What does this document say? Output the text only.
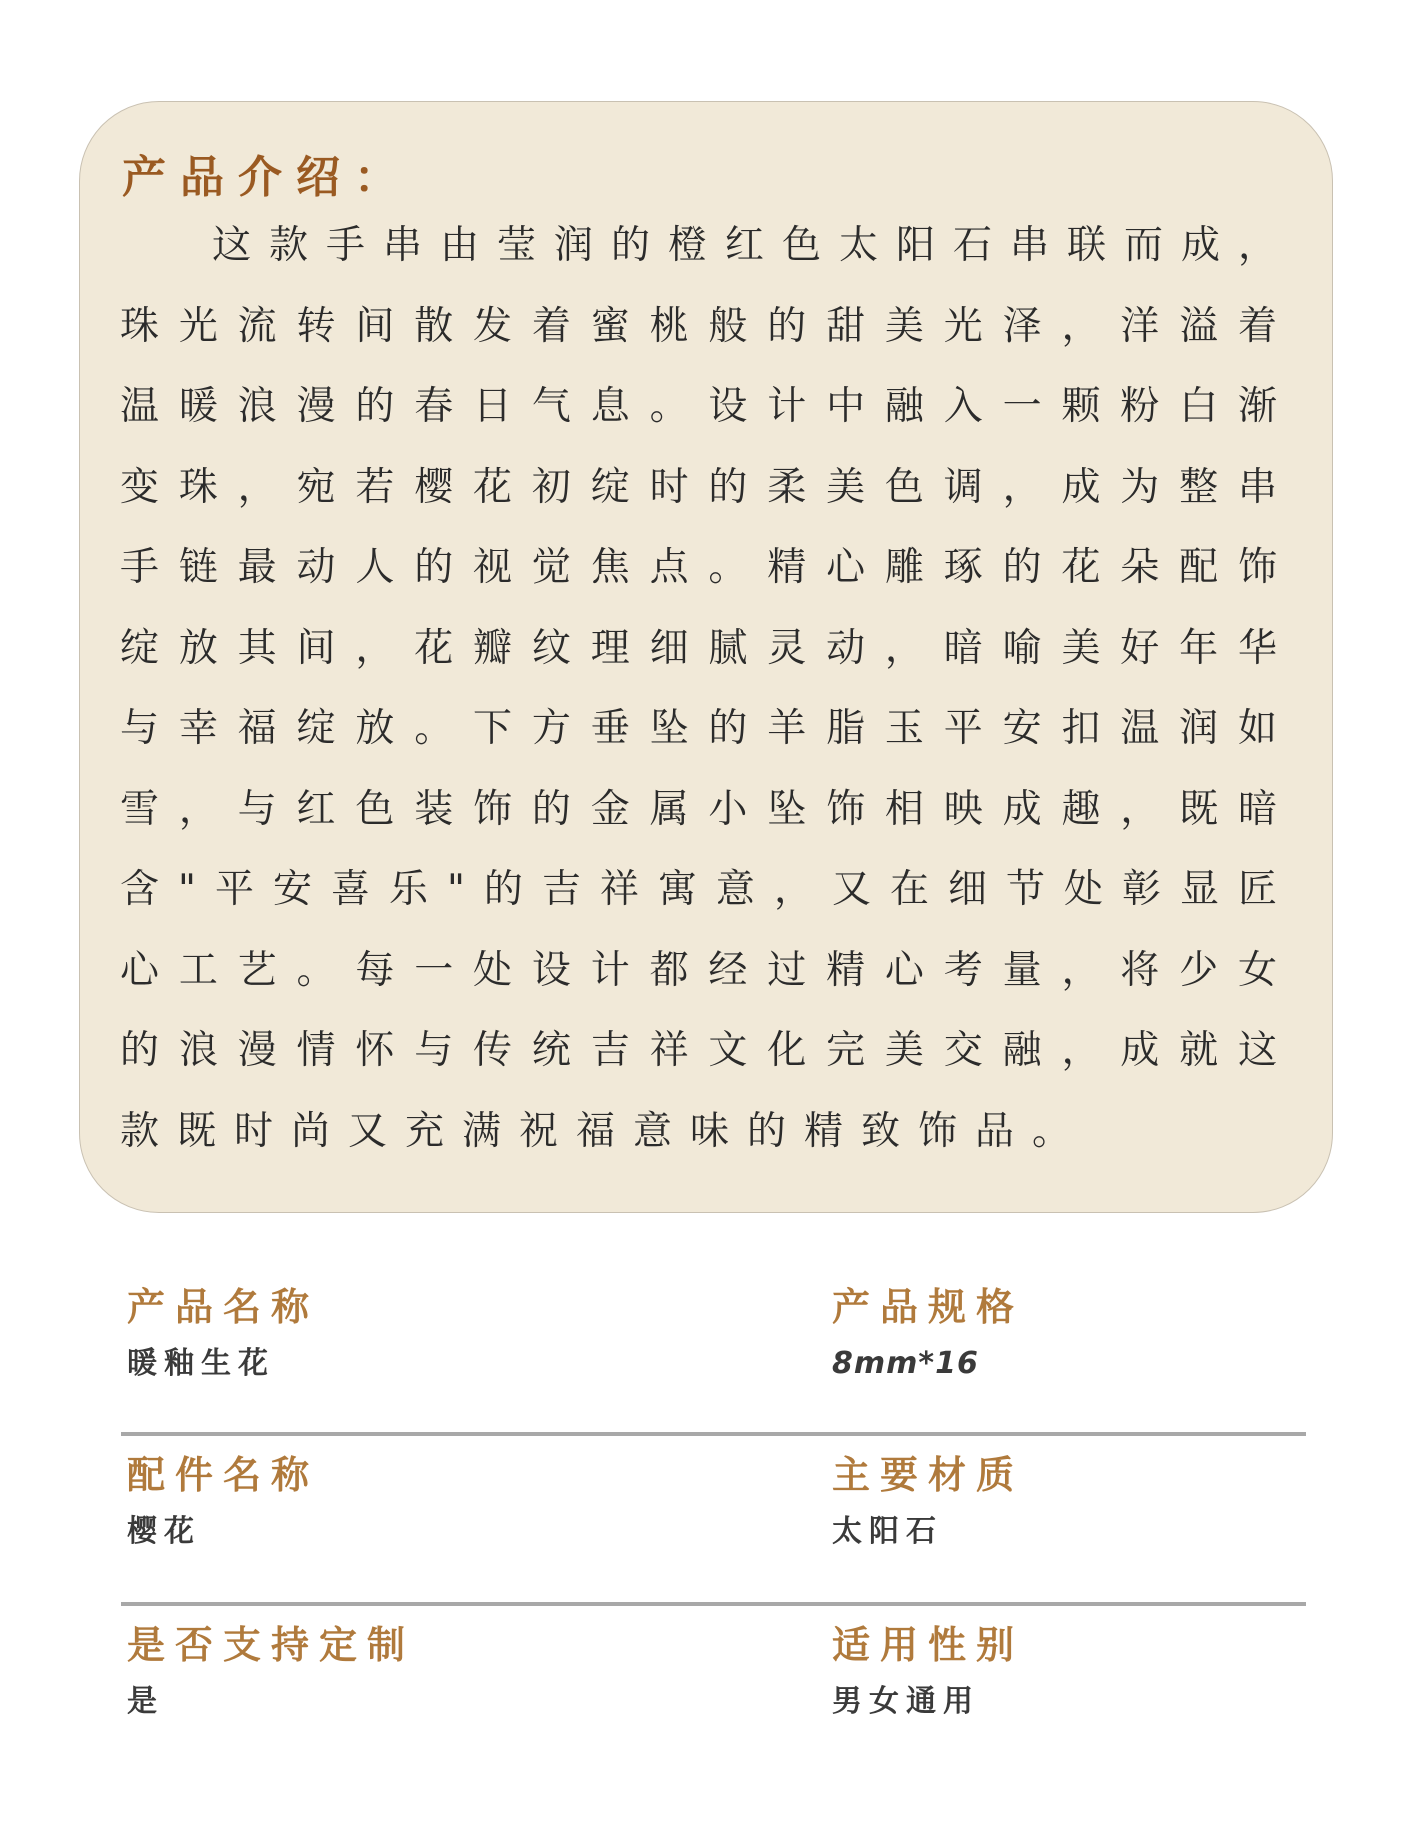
产品介绍：

这款手串由莹润的橙红色太阳石串联而成，珠光流转间散发着蜜桃般的甜美光泽，洋溢着温暖浪漫的春日气息。设计中融入一颗粉白渐变珠，宛若樱花初绽时的柔美色调，成为整串手链最动人的视觉焦点。精心雕琢的花朵配饰绽放其间，花瓣纹理细腻灵动，暗喻美好年华与幸福绽放。下方垂坠的羊脂玉平安扣温润如雪，与红色装饰的金属小坠饰相映成趣，既暗含"平安喜乐"的吉祥寓意，又在细节处彰显匠心工艺。每一处设计都经过精心考量，将少女的浪漫情怀与传统吉祥文化完美交融，成就这款既时尚又充满祝福意味的精致饰品。

产品名称
暖釉生花
产品规格
8mm*16
配件名称
樱花
主要材质
太阳石
是否支持定制
是
适用性别
男女通用
